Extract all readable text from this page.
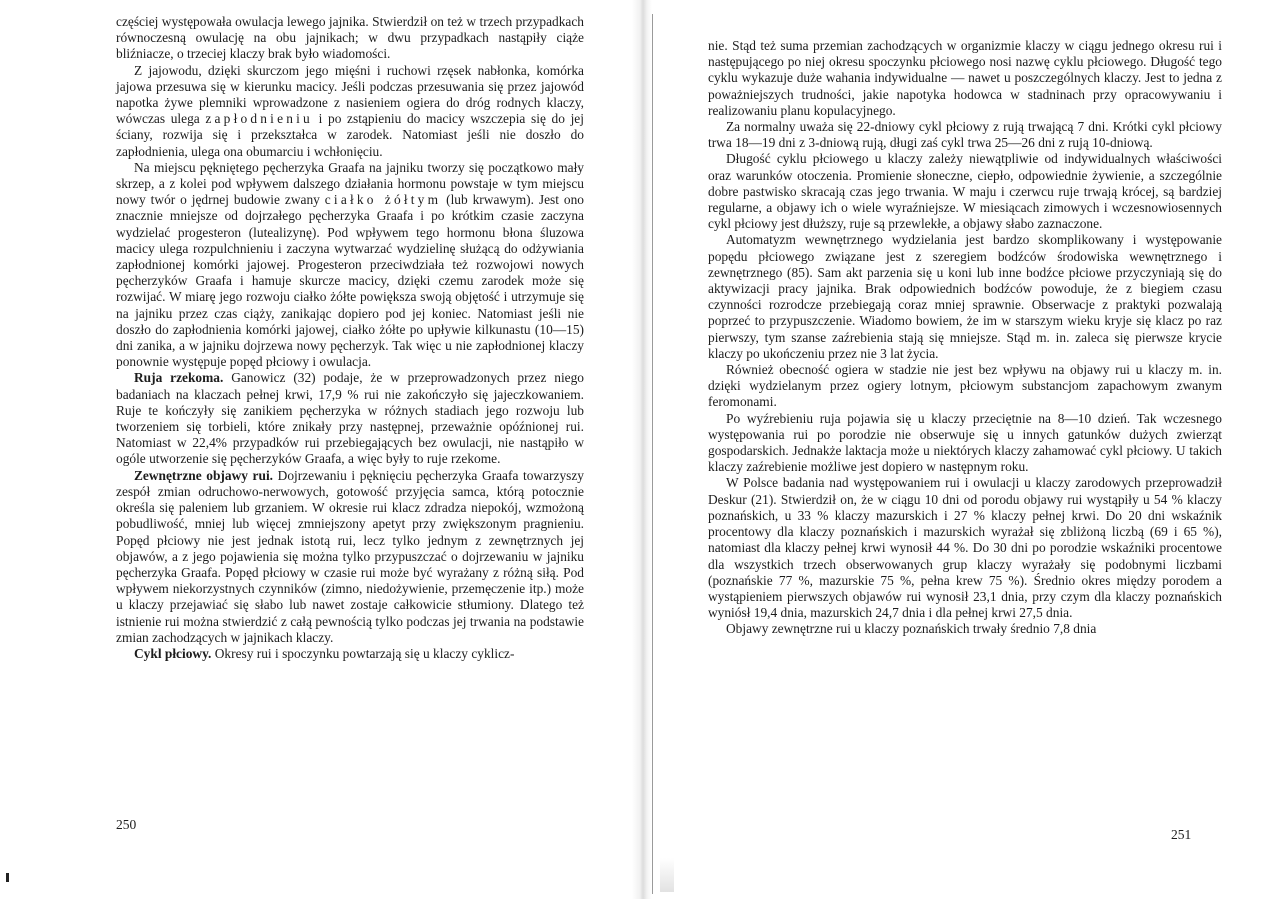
częściej występowała owulacja lewego jajnika. Stwierdził on też w trzech przypadkach równoczesną owulację na obu jajnikach; w dwu przypadkach nastąpiły ciąże bliźniacze, o trzeciej klaczy brak było wiadomości.

Z jajowodu, dzięki skurczom jego mięśni i ruchowi rzęsek nabłonka, komórka jajowa przesuwa się w kierunku macicy. Jeśli podczas przesuwania się przez jajowód napotka żywe plemniki wprowadzone z nasieniem ogiera do dróg rodnych klaczy, wówczas ulega zapłodnieniu i po zstąpieniu do macicy wszczepia się do jej ściany, rozwija się i przekształca w zarodek. Natomiast jeśli nie doszło do zapłodnienia, ulega ona obumarciu i wchłonięciu.

Na miejscu pękniętego pęcherzyka Graafa na jajniku tworzy się początkowo mały skrzep, a z kolei pod wpływem dalszego działania hormonu powstaje w tym miejscu nowy twór o jędrnej budowie zwany ciałko żółtym (lub krwawym). Jest ono znacznie mniejsze od dojrzałego pęcherzyka Graafa i po krótkim czasie zaczyna wydzielać progesteron (lutealizynę). Pod wpływem tego hormonu błona śluzowa macicy ulega rozpulchnieniu i zaczyna wytwarzać wydzielinę służącą do odżywiania zapłodnionej komórki jajowej. Progesteron przeciwdziała też rozwojowi nowych pęcherzyków Graafa i hamuje skurcze macicy, dzięki czemu zarodek może się rozwijać. W miarę jego rozwoju ciałko żółte powiększa swoją objętość i utrzymuje się na jajniku przez czas ciąży, zanikając dopiero pod jej koniec. Natomiast jeśli nie doszło do zapłodnienia komórki jajowej, ciałko żółte po upływie kilkunastu (10—15) dni zanika, a w jajniku dojrzewa nowy pęcherzyk. Tak więc u nie zapłodnionej klaczy ponownie występuje popęd płciowy i owulacja.

Ruja rzekoma. Ganowicz (32) podaje, że w przeprowadzonych przez niego badaniach na klaczach pełnej krwi, 17,9 % rui nie zakończyło się jajeczkowaniem. Ruje te kończyły się zanikiem pęcherzyka w różnych stadiach jego rozwoju lub tworzeniem się torbieli, które znikały przy następnej, przeważnie opóźnionej rui. Natomiast w 22,4% przypadków rui przebiegających bez owulacji, nie nastąpiło w ogóle utworzenie się pęcherzyków Graafa, a więc były to ruje rzekome.

Zewnętrzne objawy rui. Dojrzewaniu i pęknięciu pęcherzyka Graafa towarzyszy zespół zmian odruchowo-nerwowych, gotowość przyjęcia samca, którą potocznie określa się paleniem lub grzaniem. W okresie rui klacz zdradza niepokój, wzmożoną pobudliwość, mniej lub więcej zmniejszony apetyt przy zwiększonym pragnieniu. Popęd płciowy nie jest jednak istotą rui, lecz tylko jednym z zewnętrznych jej objawów, a z jego pojawienia się można tylko przypuszczać o dojrzewaniu w jajniku pęcherzyka Graafa. Popęd płciowy w czasie rui może być wyrażany z różną siłą. Pod wpływem niekorzystnych czynników (zimno, niedożywienie, przemęczenie itp.) może u klaczy przejawiać się słabo lub nawet zostaje całkowicie stłumiony. Dlatego też istnienie rui można stwierdzić z całą pewnością tylko podczas jej trwania na podstawie zmian zachodzących w jajnikach klaczy.

Cykl płciowy. Okresy rui i spoczynku powtarzają się u klaczy cyklicz-

250

nie. Stąd też suma przemian zachodzących w organizmie klaczy w ciągu jednego okresu rui i następującego po niej okresu spoczynku płciowego nosi nazwę cyklu płciowego. Długość tego cyklu wykazuje duże wahania indywidualne — nawet u poszczególnych klaczy. Jest to jedna z poważniejszych trudności, jakie napotyka hodowca w stadninach przy opracowywaniu i realizowaniu planu kopulacyjnego.

Za normalny uważa się 22-dniowy cykl płciowy z rują trwającą 7 dni. Krótki cykl płciowy trwa 18—19 dni z 3-dniową rują, długi zaś cykl trwa 25—26 dni z rują 10-dniową.

Długość cyklu płciowego u klaczy zależy niewątpliwie od indywidualnych właściwości oraz warunków otoczenia. Promienie słoneczne, ciepło, odpowiednie żywienie, a szczególnie dobre pastwisko skracają czas jego trwania. W maju i czerwcu ruje trwają krócej, są bardziej regularne, a objawy ich o wiele wyraźniejsze. W miesiącach zimowych i wczesnowiosennych cykl płciowy jest dłuższy, ruje są przewlekłe, a objawy słabo zaznaczone.

Automatyzm wewnętrznego wydzielania jest bardzo skomplikowany i występowanie popędu płciowego związane jest z szeregiem bodźców środowiska wewnętrznego i zewnętrznego (85). Sam akt parzenia się u koni lub inne bodźce płciowe przyczyniają się do aktywizacji pracy jajnika. Brak odpowiednich bodźców powoduje, że z biegiem czasu czynności rozrodcze przebiegają coraz mniej sprawnie. Obserwacje z praktyki pozwalają poprzeć to przypuszczenie. Wiadomo bowiem, że im w starszym wieku kryje się klacz po raz pierwszy, tym szanse zaźrebienia stają się mniejsze. Stąd m. in. zaleca się pierwsze krycie klaczy po ukończeniu przez nie 3 lat życia.

Również obecność ogiera w stadzie nie jest bez wpływu na objawy rui u klaczy m. in. dzięki wydzielanym przez ogiery lotnym, płciowym substancjom zapachowym zwanym feromonami.

Po wyźrebieniu ruja pojawia się u klaczy przeciętnie na 8—10 dzień. Tak wczesnego występowania rui po porodzie nie obserwuje się u innych gatunków dużych zwierząt gospodarskich. Jednakże laktacja może u niektórych klaczy zahamować cykl płciowy. U takich klaczy zaźrebienie możliwe jest dopiero w następnym roku.

W Polsce badania nad występowaniem rui i owulacji u klaczy zarodowych przeprowadził Deskur (21). Stwierdził on, że w ciągu 10 dni od porodu objawy rui wystąpiły u 54 % klaczy poznańskich, u 33 % klaczy mazurskich i 27 % klaczy pełnej krwi. Do 20 dni wskaźnik procentowy dla klaczy poznańskich i mazurskich wyrażał się zbliżoną liczbą (69 i 65 %), natomiast dla klaczy pełnej krwi wynosił 44 %. Do 30 dni po porodzie wskaźniki procentowe dla wszystkich trzech obserwowanych grup klaczy wyrażały się podobnymi liczbami (poznańskie 77 %, mazurskie 75 %, pełna krew 75 %). Średnio okres między porodem a wystąpieniem pierwszych objawów rui wynosił 23,1 dnia, przy czym dla klaczy poznańskich wyniósł 19,4 dnia, mazurskich 24,7 dnia i dla pełnej krwi 27,5 dnia.

Objawy zewnętrzne rui u klaczy poznańskich trwały średnio 7,8 dnia

251
